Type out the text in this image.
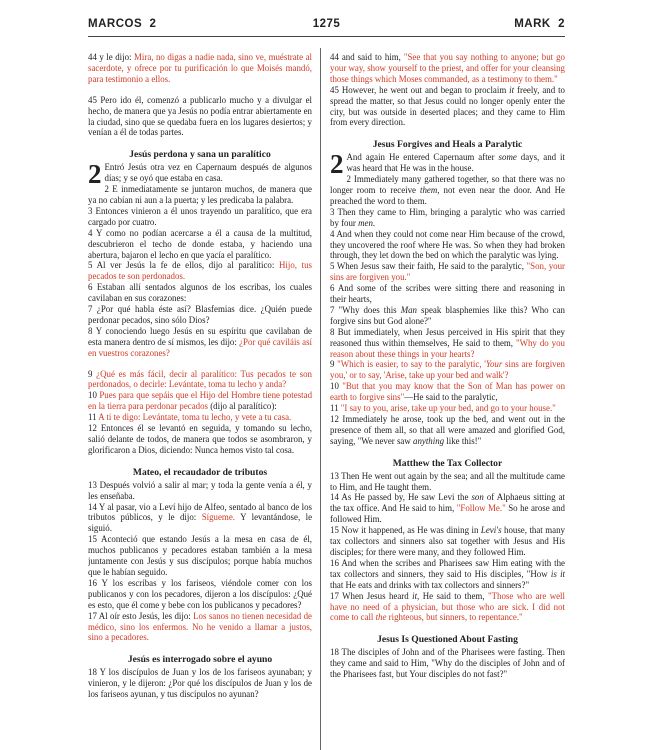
MARCOS  2	1275	MARK  2

44 y le dijo: Mira, no digas a nadie nada, sino ve, muéstrate al sacerdote, y ofrece por tu purificación lo que Moisés mandó, para testimonio a ellos.

45 Pero ido él, comenzó a publicarlo mucho y a divulgar el hecho, de manera que ya Jesús no podía entrar abiertamente en la ciudad, sino que se quedaba fuera en los lugares desiertos; y venían a él de todas partes.

Jesús perdona y sana un paralítico

2 Entró Jesús otra vez en Capernaum después de algunos días; y se oyó que estaba en casa.

2 E inmediatamente se juntaron muchos, de manera que ya no cabían ni aun a la puerta; y les predicaba la palabra.

3 Entonces vinieron a él unos trayendo un paralítico, que era cargado por cuatro.

4 Y como no podían acercarse a él a causa de la multitud, descubrieron el techo de donde estaba, y haciendo una abertura, bajaron el lecho en que yacía el paralítico.

5 Al ver Jesús la fe de ellos, dijo al paralítico: Hijo, tus pecados te son perdonados.

6 Estaban allí sentados algunos de los escribas, los cuales cavilaban en sus corazones:

7 ¿Por qué habla éste así? Blasfemias dice. ¿Quién puede perdonar pecados, sino sólo Dios?

8 Y conociendo luego Jesús en su espíritu que cavilaban de esta manera dentro de sí mismos, les dijo: ¿Por qué caviláis así en vuestros corazones?

9 ¿Qué es más fácil, decir al paralítico: Tus pecados te son perdonados, o decirle: Levántate, toma tu lecho y anda?

10 Pues para que sepáis que el Hijo del Hombre tiene potestad en la tierra para perdonar pecados (dijo al paralítico):

11 A ti te digo: Levántate, toma tu lecho, y vete a tu casa.

12 Entonces él se levantó en seguida, y tomando su lecho, salió delante de todos, de manera que todos se asombraron, y glorificaron a Dios, diciendo: Nunca hemos visto tal cosa.

Mateo, el recaudador de tributos

13 Después volvió a salir al mar; y toda la gente venía a él, y les enseñaba.

14 Y al pasar, vio a Leví hijo de Alfeo, sentado al banco de los tributos públicos, y le dijo: Sígueme. Y levantándose, le siguió.

15 Aconteció que estando Jesús a la mesa en casa de él, muchos publicanos y pecadores estaban también a la mesa juntamente con Jesús y sus discípulos; porque había muchos que le habían seguido.

16 Y los escribas y los fariseos, viéndole comer con los publicanos y con los pecadores, dijeron a los discípulos: ¿Qué es esto, que él come y bebe con los publicanos y pecadores?

17 Al oír esto Jesús, les dijo: Los sanos no tienen necesidad de médico, sino los enfermos. No he venido a llamar a justos, sino a pecadores.

Jesús es interrogado sobre el ayuno

18 Y los discípulos de Juan y los de los fariseos ayunaban; y vinieron, y le dijeron: ¿Por qué los discípulos de Juan y los de los fariseos ayunan, y tus discípulos no ayunan?

44 and said to him, "See that you say nothing to anyone; but go your way, show yourself to the priest, and offer for your cleansing those things which Moses commanded, as a testimony to them."

45 However, he went out and began to proclaim it freely, and to spread the matter, so that Jesus could no longer openly enter the city, but was outside in deserted places; and they came to Him from every direction.

Jesus Forgives and Heals a Paralytic

2 And again He entered Capernaum after some days, and it was heard that He was in the house.

2 Immediately many gathered together, so that there was no longer room to receive them, not even near the door. And He preached the word to them.

3 Then they came to Him, bringing a paralytic who was carried by four men.

4 And when they could not come near Him because of the crowd, they uncovered the roof where He was. So when they had broken through, they let down the bed on which the paralytic was lying.

5 When Jesus saw their faith, He said to the paralytic, "Son, your sins are forgiven you."

6 And some of the scribes were sitting there and reasoning in their hearts,

7 "Why does this Man speak blasphemies like this? Who can forgive sins but God alone?"

8 But immediately, when Jesus perceived in His spirit that they reasoned thus within themselves, He said to them, "Why do you reason about these things in your hearts?

9 "Which is easier, to say to the paralytic, 'Your sins are forgiven you,' or to say, 'Arise, take up your bed and walk'?

10 "But that you may know that the Son of Man has power on earth to forgive sins"—He said to the paralytic,

11 "I say to you, arise, take up your bed, and go to your house."

12 Immediately he arose, took up the bed, and went out in the presence of them all, so that all were amazed and glorified God, saying, "We never saw anything like this!"

Matthew the Tax Collector

13 Then He went out again by the sea; and all the multitude came to Him, and He taught them.

14 As He passed by, He saw Levi the son of Alphaeus sitting at the tax office. And He said to him, "Follow Me." So he arose and followed Him.

15 Now it happened, as He was dining in Levi's house, that many tax collectors and sinners also sat together with Jesus and His disciples; for there were many, and they followed Him.

16 And when the scribes and Pharisees saw Him eating with the tax collectors and sinners, they said to His disciples, "How is it that He eats and drinks with tax collectors and sinners?"

17 When Jesus heard it, He said to them, "Those who are well have no need of a physician, but those who are sick. I did not come to call the righteous, but sinners, to repentance."

Jesus Is Questioned About Fasting

18 The disciples of John and of the Pharisees were fasting. Then they came and said to Him, "Why do the disciples of John and of the Pharisees fast, but Your disciples do not fast?"
